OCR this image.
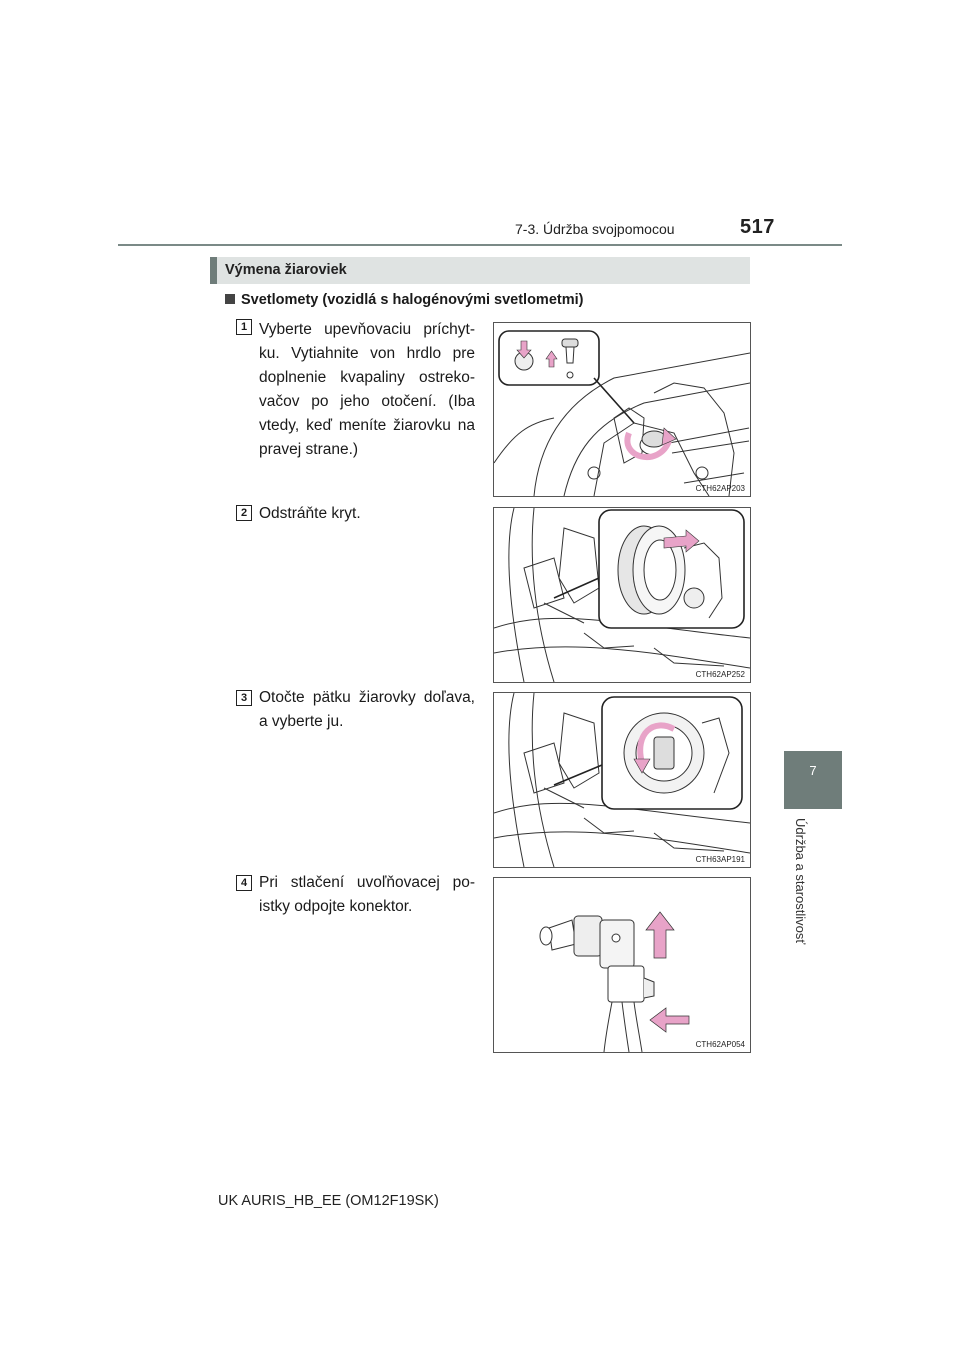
7-3. Údržba svojpomocou	517
7
Údržba a starostlivosť
Výmena žiaroviek
Svetlomety (vozidlá s halogénovými svetlometmi)
1 Vyberte upevňovaciu príchyt-ku. Vytiahnite von hrdlo pre doplnenie kvapaliny ostreko-vačov po jeho otočení. (Iba vtedy, keď meníte žiarovku na pravej strane.)
CTH62AP203
2 Odstráňte kryt.
CTH62AP252
3 Otočte pätku žiarovky doľava, a vyberte ju.
CTH63AP191
4 Pri stlačení uvoľňovacej po-istky odpojte konektor.
CTH62AP054
UK AURIS_HB_EE (OM12F19SK)
